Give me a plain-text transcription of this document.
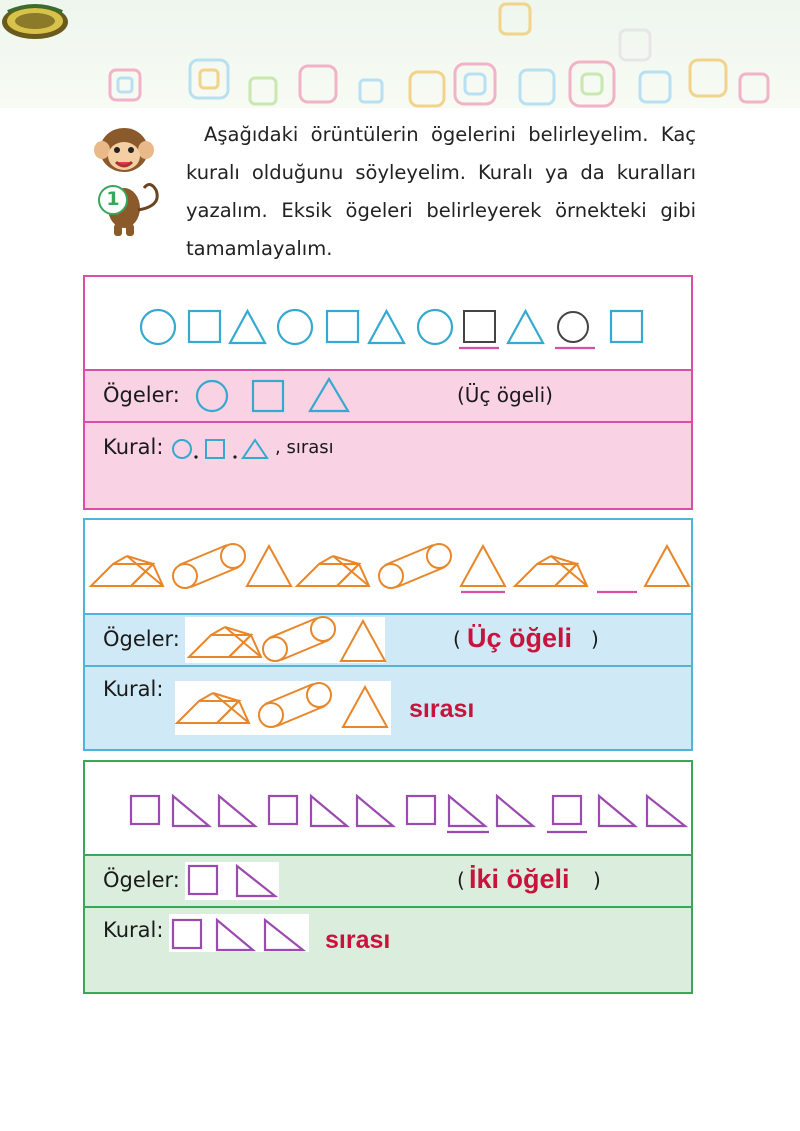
1

Aşağıdaki örüntülerin ögelerini belirleyelim. Kaç kuralı olduğunu söyleyelim. Kuralı ya da kuralları yazalım. Eksik ögeleri belirleyerek örnekteki gibi tamamlayalım.

Ögeler:	(Üç ögeli)
Kural:	, sırası
Ögeler:	( Üç öğeli )
Kural:
sırası
Ögeler:	( İki öğeli )
Kural:	sırası
